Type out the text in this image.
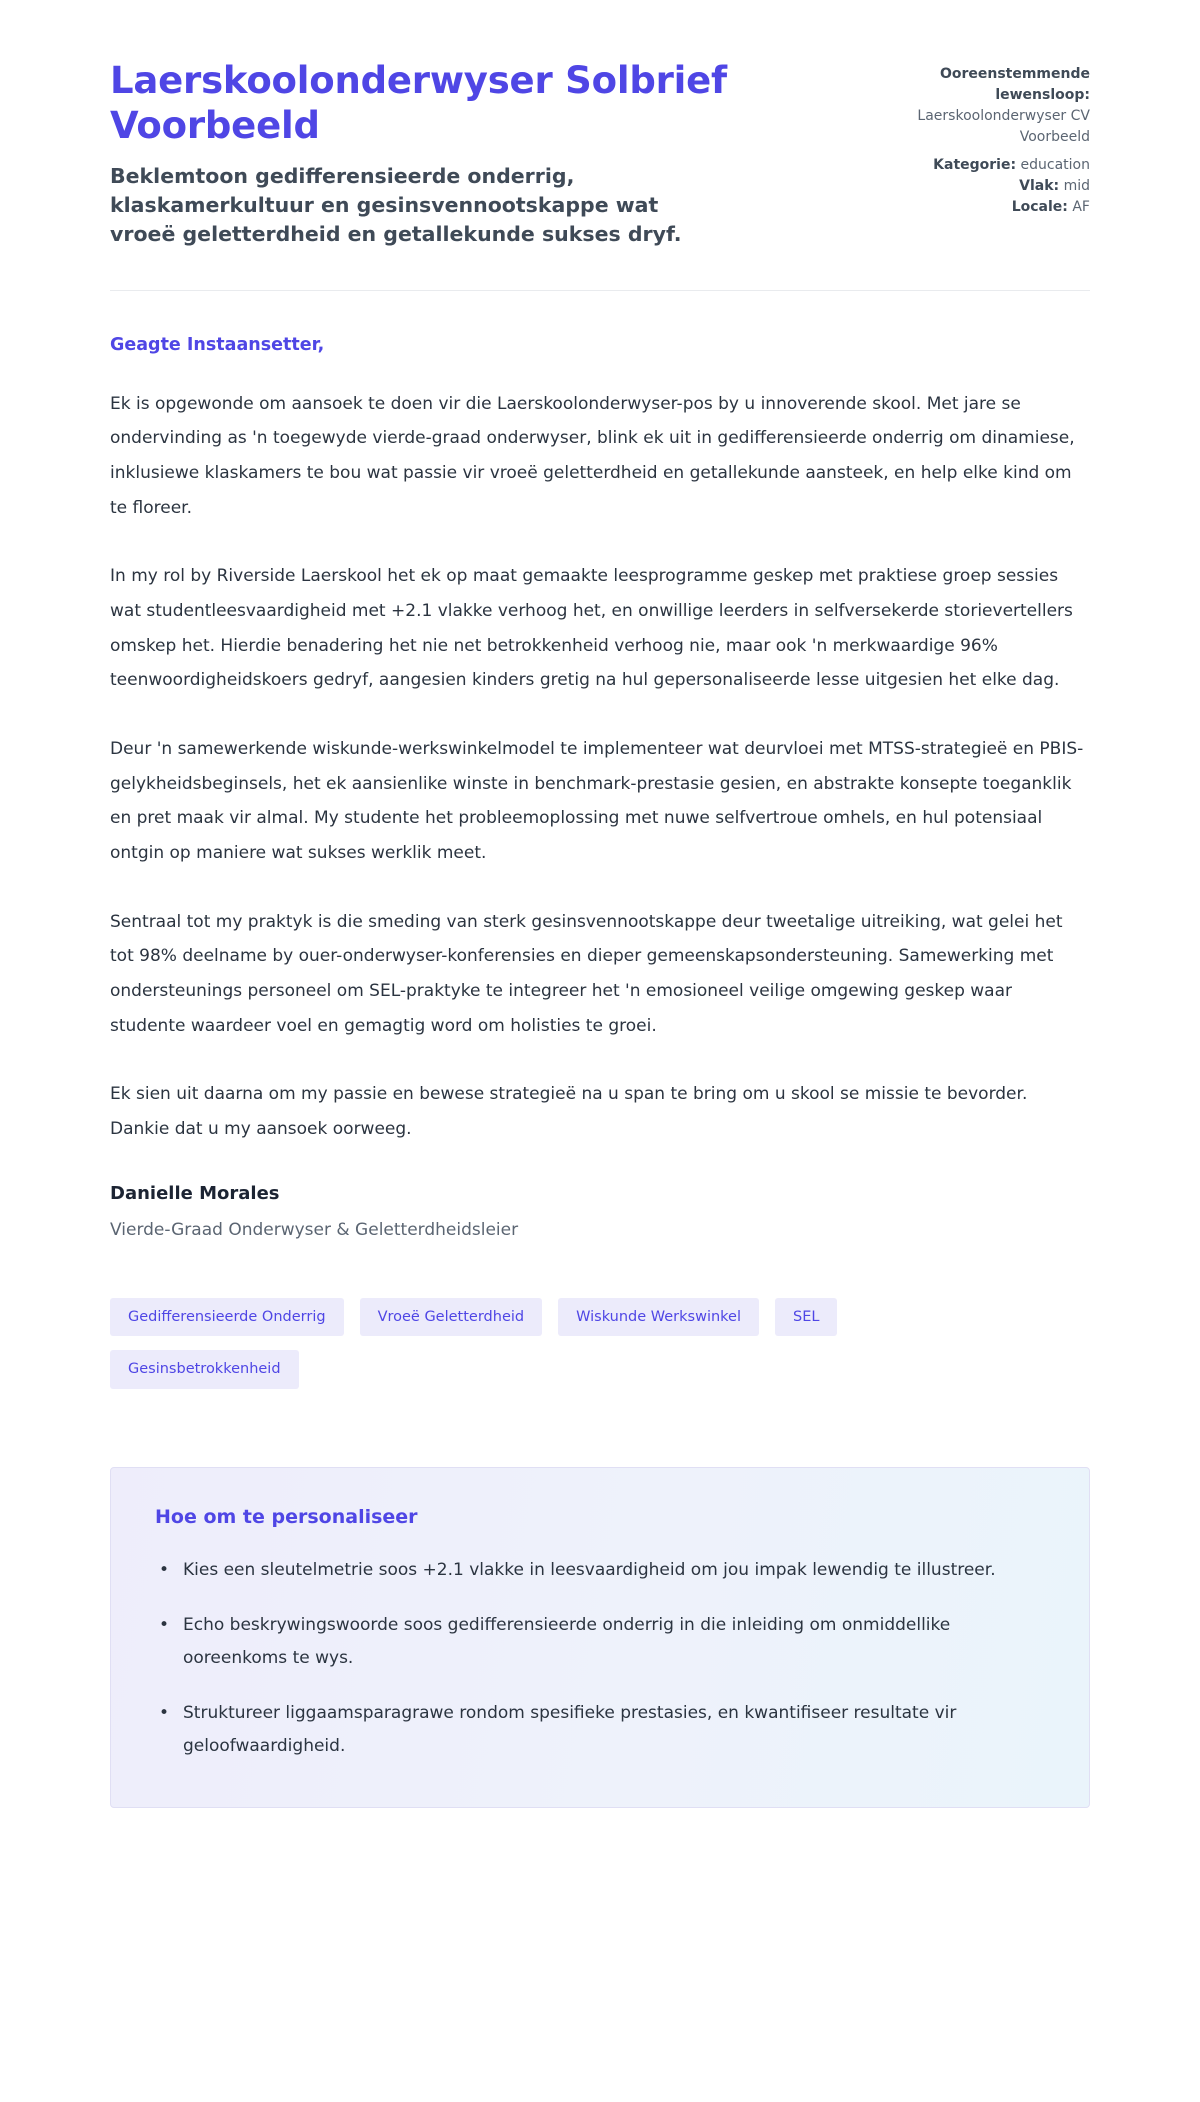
Laerskoolonderwyser Solbrief Voorbeeld

Beklemtoon gedifferensieerde onderrig, klaskamerkultuur en gesinsvennootskappe wat vroeë geletterdheid en getallekunde sukses dryf.

Ooreenstemmende lewensloop:
Laerskoolonderwyser CV Voorbeeld
Kategorie: education
Vlak: mid
Locale: AF

Geagte Instaansetter,

Ek is opgewonde om aansoek te doen vir die Laerskoolonderwyser-pos by u innoverende skool. Met jare se ondervinding as 'n toegewyde vierde-graad onderwyser, blink ek uit in gedifferensieerde onderrig om dinamiese, inklusiewe klaskamers te bou wat passie vir vroeë geletterdheid en getallekunde aansteek, en help elke kind om te floreer.

In my rol by Riverside Laerskool het ek op maat gemaakte leesprogramme geskep met praktiese groep sessies wat studentleesvaardigheid met +2.1 vlakke verhoog het, en onwillige leerders in selfversekerde storievertellers omskep het. Hierdie benadering het nie net betrokkenheid verhoog nie, maar ook 'n merkwaardige 96% teenwoordigheidskoers gedryf, aangesien kinders gretig na hul gepersonaliseerde lesse uitgesien het elke dag.

Deur 'n samewerkende wiskunde-werkswinkelmodel te implementeer wat deurvloei met MTSS-strategieë en PBIS-gelykheidsbeginsels, het ek aansienlike winste in benchmark-prestasie gesien, en abstrakte konsepte toeganklik en pret maak vir almal. My studente het probleemoplossing met nuwe selfvertroue omhels, en hul potensiaal ontgin op maniere wat sukses werklik meet.

Sentraal tot my praktyk is die smeding van sterk gesinsvennootskappe deur tweetalige uitreiking, wat gelei het tot 98% deelname by ouer-onderwyser-konferensies en dieper gemeenskapsondersteuning. Samewerking met ondersteunings personeel om SEL-praktyke te integreer het 'n emosioneel veilige omgewing geskep waar studente waardeer voel en gemagtig word om holisties te groei.

Ek sien uit daarna om my passie en bewese strategieë na u span te bring om u skool se missie te bevorder. Dankie dat u my aansoek oorweeg.

Danielle Morales

Vierde-Graad Onderwyser & Geletterdheidsleier

Gedifferensieerde Onderrig	Vroeë Geletterdheid	Wiskunde Werkswinkel	SEL
Gesinsbetrokkenheid
Hoe om te personaliseer
• Kies een sleutelmetrie soos +2.1 vlakke in leesvaardigheid om jou impak lewendig te illustreer.
• Echo beskrywingswoorde soos gedifferensieerde onderrig in die inleiding om onmiddellike ooreenkoms te wys.
• Struktureer liggaamsparagrawe rondom spesifieke prestasies, en kwantifiseer resultate vir geloofwaardigheid.
